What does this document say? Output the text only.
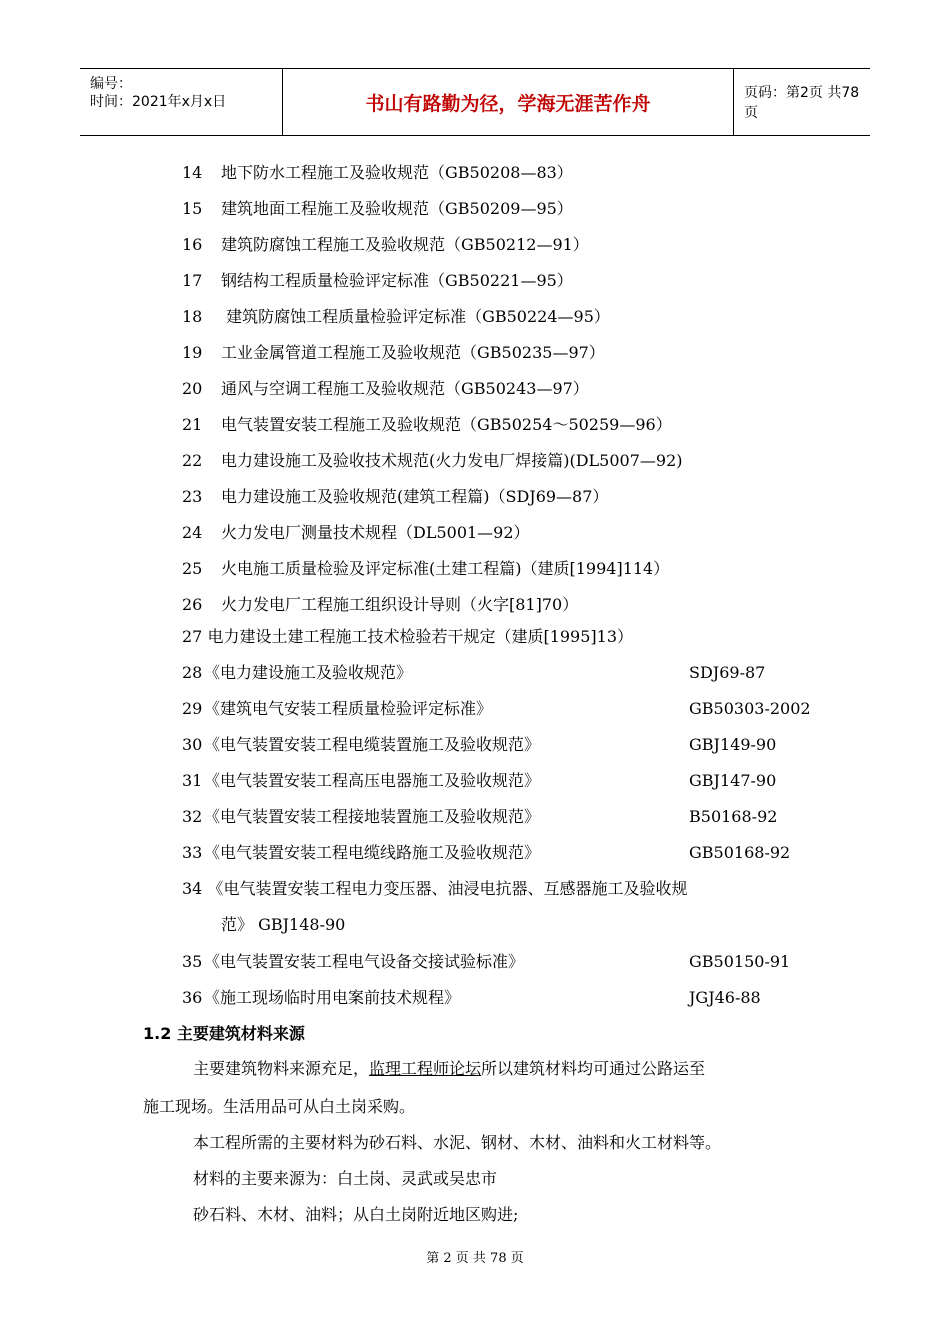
编号：
时间：2021年x月x日	书山有路勤为径，学海无涯苦作舟	页码：第2页 共78页
14 地下防水工程施工及验收规范（GB50208—83）
15 建筑地面工程施工及验收规范（GB50209—95）
16 建筑防腐蚀工程施工及验收规范（GB50212—91）
17 钢结构工程质量检验评定标准（GB50221—95）
18 建筑防腐蚀工程质量检验评定标准（GB50224—95）
19 工业金属管道工程施工及验收规范（GB50235—97）
20 通风与空调工程施工及验收规范（GB50243—97）
21 电气装置安装工程施工及验收规范（GB50254～50259—96）
22 电力建设施工及验收技术规范(火力发电厂焊接篇)(DL5007—92)
23 电力建设施工及验收规范(建筑工程篇)（SDJ69—87）
24 火力发电厂测量技术规程（DL5001—92）
25 火电施工质量检验及评定标准(土建工程篇)（建质[1994]114）
26 火力发电厂工程施工组织设计导则（火字[81]70）
27 电力建设土建工程施工技术检验若干规定（建质[1995]13）
28 《电力建设施工及验收规范》	SDJ69-87
29 《建筑电气安装工程质量检验评定标准》	GB50303-2002
30 《电气装置安装工程电缆装置施工及验收规范》	GBJ149-90
31 《电气装置安装工程高压电器施工及验收规范》	GBJ147-90
32 《电气装置安装工程接地装置施工及验收规范》	B50168-92
33 《电气装置安装工程电缆线路施工及验收规范》	GB50168-92
34 《电气装置安装工程电力变压器、油浸电抗器、互感器施工及验收规
范》 GBJ148-90
35 《电气装置安装工程电气设备交接试验标准》	GB50150-91
36 《施工现场临时用电案前技术规程》	JGJ46-88
1.2 主要建筑材料来源
主要建筑物料来源充足，监理工程师论坛所以建筑材料均可通过公路运至
施工现场。生活用品可从白土岗采购。
本工程所需的主要材料为砂石料、水泥、钢材、木材、油料和火工材料等。
材料的主要来源为：白土岗、灵武或吴忠市
砂石料、木材、油料；从白土岗附近地区购进;
第 2 页 共 78 页
